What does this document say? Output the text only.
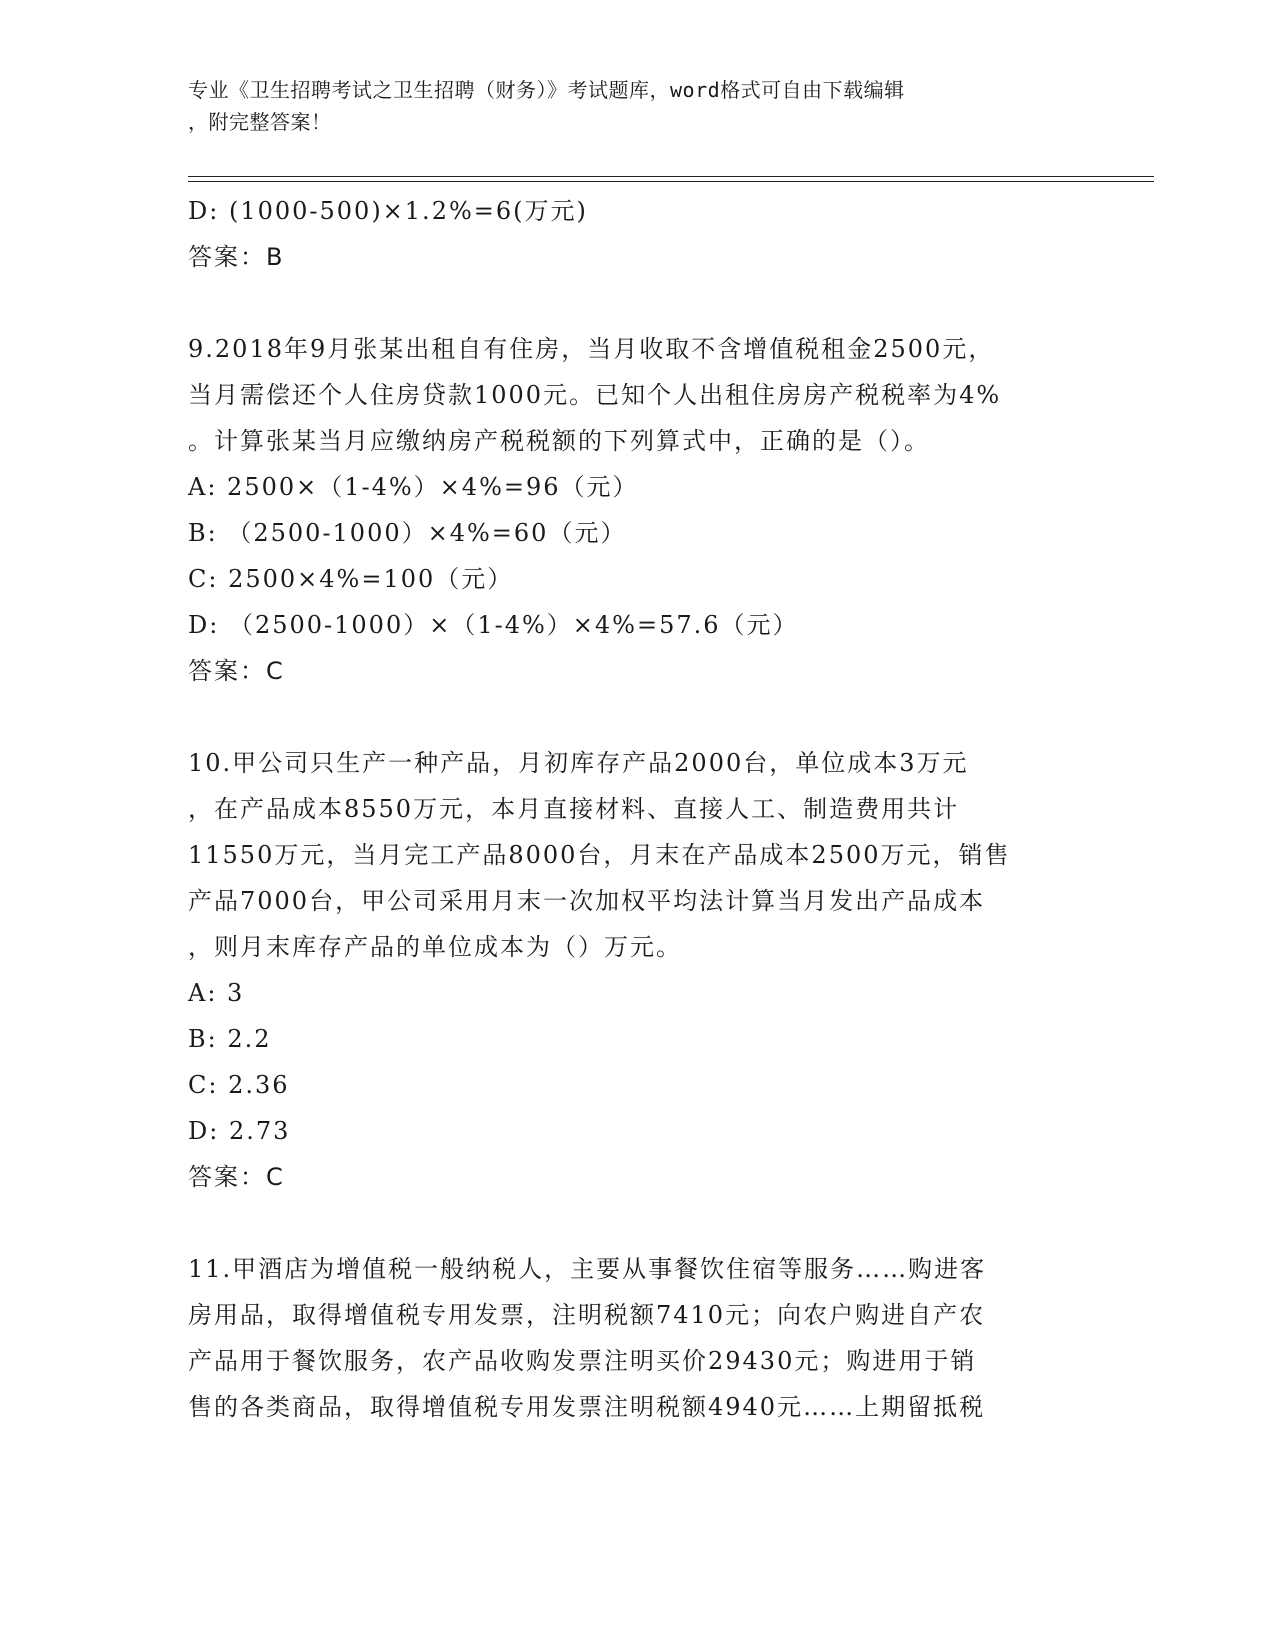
专业《卫生招聘考试之卫生招聘（财务）》考试题库，word格式可自由下载编辑
，附完整答案！
D: (1000-500)×1.2%=6(万元)
答案：B
9.2018年9月张某出租自有住房，当月收取不含增值税租金2500元，
当月需偿还个人住房贷款1000元。已知个人出租住房房产税税率为4%
。计算张某当月应缴纳房产税税额的下列算式中，正确的是（）。
A: 2500×（1-4%）×4%=96（元）
B: （2500-1000）×4%=60（元）
C: 2500×4%=100（元）
D: （2500-1000）×（1-4%）×4%=57.6（元）
答案：C
10.甲公司只生产一种产品，月初库存产品2000台，单位成本3万元
，在产品成本8550万元，本月直接材料、直接人工、制造费用共计
11550万元，当月完工产品8000台，月末在产品成本2500万元，销售
产品7000台，甲公司采用月末一次加权平均法计算当月发出产品成本
，则月末库存产品的单位成本为（）万元。
A: 3
B: 2.2
C: 2.36
D: 2.73
答案：C
11.甲酒店为增值税一般纳税人，主要从事餐饮住宿等服务……购进客
房用品，取得增值税专用发票，注明税额7410元；向农户购进自产农
产品用于餐饮服务，农产品收购发票注明买价29430元；购进用于销
售的各类商品，取得增值税专用发票注明税额4940元……上期留抵税
